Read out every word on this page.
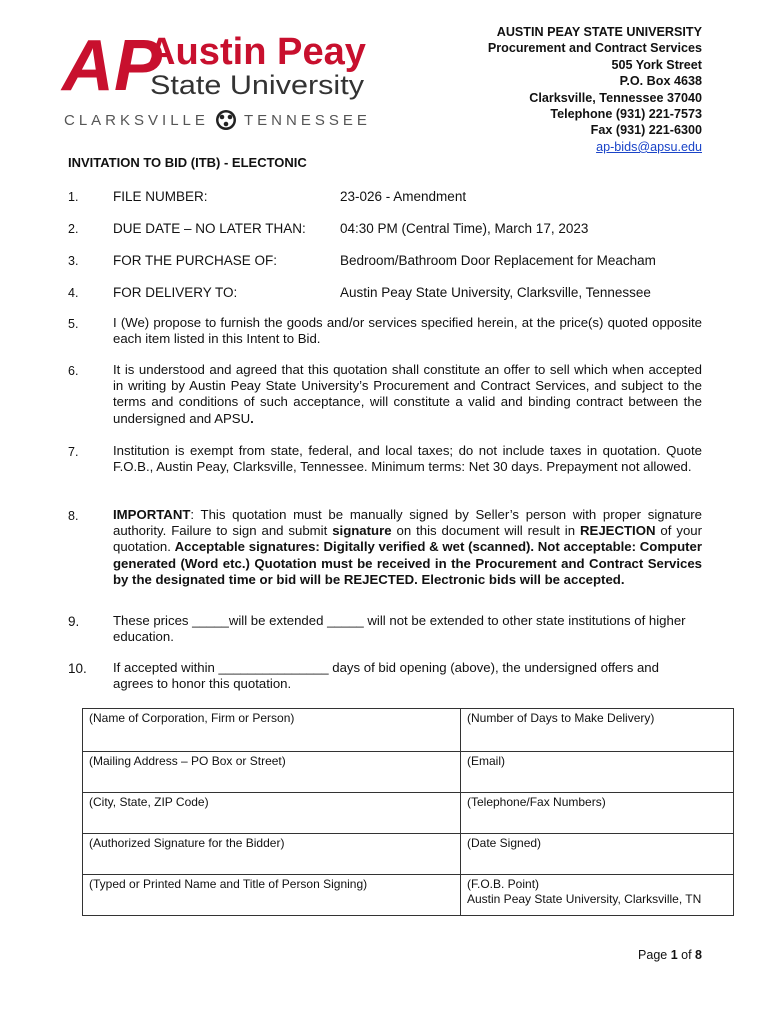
AP
Austin Peay
State University
CLARKSVILLE TENNESSEE
AUSTIN PEAY STATE UNIVERSITY
Procurement and Contract Services
505 York Street
P.O. Box 4638
Clarksville, Tennessee 37040
Telephone (931) 221-7573
Fax (931) 221-6300
ap-bids@apsu.edu
INVITATION TO BID (ITB) - ELECTONIC
1.	FILE NUMBER:	23-026 - Amendment
2.	DUE DATE – NO LATER THAN:	04:30 PM (Central Time), March 17, 2023
3.	FOR THE PURCHASE OF:	Bedroom/Bathroom Door Replacement for Meacham
4.	FOR DELIVERY TO:	Austin Peay State University, Clarksville, Tennessee
5.	I (We) propose to furnish the goods and/or services specified herein, at the price(s) quoted opposite each item listed in this Intent to Bid.
6.	It is understood and agreed that this quotation shall constitute an offer to sell which when accepted in writing by Austin Peay State University’s Procurement and Contract Services, and subject to the terms and conditions of such acceptance, will constitute a valid and binding contract between the undersigned and APSU.
7.	Institution is exempt from state, federal, and local taxes; do not include taxes in quotation. Quote F.O.B., Austin Peay, Clarksville, Tennessee. Minimum terms: Net 30 days. Prepayment not allowed.
8.	IMPORTANT: This quotation must be manually signed by Seller’s person with proper signature authority. Failure to sign and submit signature on this document will result in REJECTION of your quotation. Acceptable signatures: Digitally verified & wet (scanned). Not acceptable: Computer generated (Word etc.) Quotation must be received in the Procurement and Contract Services by the designated time or bid will be REJECTED. Electronic bids will be accepted.
9.	These prices _____will be extended _____ will not be extended to other state institutions of higher education.
10. If accepted within _______________ days of bid opening (above), the undersigned offers and agrees to honor this quotation.
(Name of Corporation, Firm or Person)	(Number of Days to Make Delivery)
(Mailing Address – PO Box or Street)	(Email)
(City, State, ZIP Code)	(Telephone/Fax Numbers)
(Authorized Signature for the Bidder)	(Date Signed)
(Typed or Printed Name and Title of Person Signing)	(F.O.B. Point)
Austin Peay State University, Clarksville, TN
Page 1 of 8
